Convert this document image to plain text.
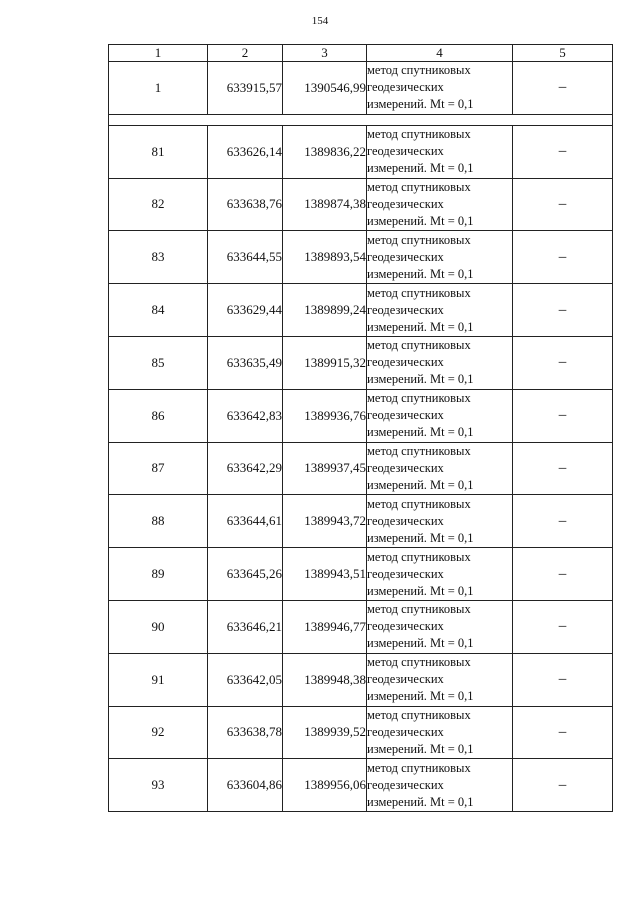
154
1	2	3	4	5
1	633915,57	1390546,99	метод спутниковых
геодезических
измерений. Mt = 0,1	–

81	633626,14	1389836,22	метод спутниковых
геодезических
измерений. Mt = 0,1	–
82	633638,76	1389874,38	метод спутниковых
геодезических
измерений. Mt = 0,1	–
83	633644,55	1389893,54	метод спутниковых
геодезических
измерений. Mt = 0,1	–
84	633629,44	1389899,24	метод спутниковых
геодезических
измерений. Mt = 0,1	–
85	633635,49	1389915,32	метод спутниковых
геодезических
измерений. Mt = 0,1	–
86	633642,83	1389936,76	метод спутниковых
геодезических
измерений. Mt = 0,1	–
87	633642,29	1389937,45	метод спутниковых
геодезических
измерений. Mt = 0,1	–
88	633644,61	1389943,72	метод спутниковых
геодезических
измерений. Mt = 0,1	–
89	633645,26	1389943,51	метод спутниковых
геодезических
измерений. Mt = 0,1	–
90	633646,21	1389946,77	метод спутниковых
геодезических
измерений. Mt = 0,1	–
91	633642,05	1389948,38	метод спутниковых
геодезических
измерений. Mt = 0,1	–
92	633638,78	1389939,52	метод спутниковых
геодезических
измерений. Mt = 0,1	–
93	633604,86	1389956,06	метод спутниковых
геодезических
измерений. Mt = 0,1	–
